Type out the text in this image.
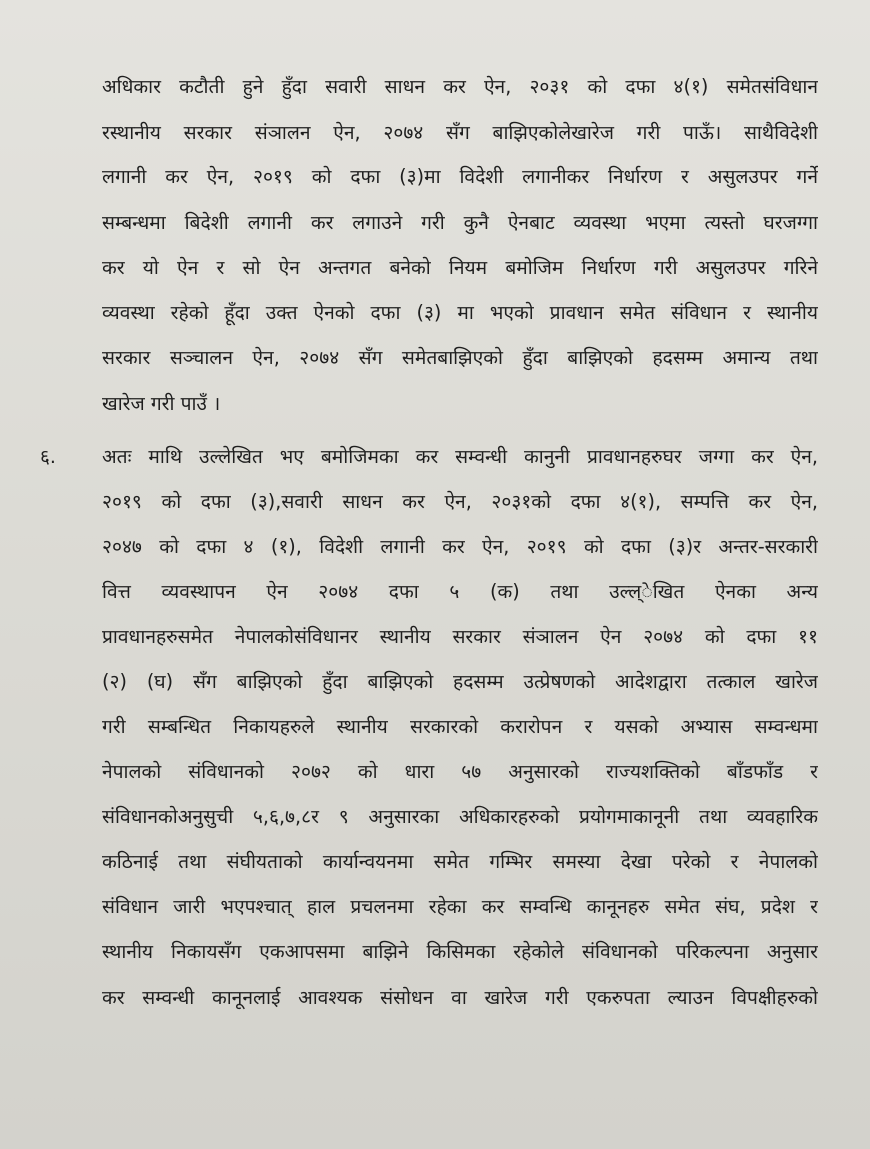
अधिकार कटौती हुने हुँदा सवारी साधन कर ऐन, २०३१ को दफा ४(१) समेतसंविधान
रस्थानीय सरकार संञालन ऐन, २०७४ सँग बाझिएकोलेखारेज गरी पाऊँ। साथैविदेशी
लगानी कर ऐन, २०१९ को दफा (३)मा विदेशी लगानीकर निर्धारण र असुलउपर गर्ने
सम्बन्धमा बिदेशी लगानी कर लगाउने गरी कुनै ऐनबाट व्यवस्था भएमा त्यस्तो घरजग्गा
कर यो ऐन र सो ऐन अन्तगत बनेको नियम बमोजिम निर्धारण गरी असुलउपर गरिने
व्यवस्था रहेको हूँदा उक्त ऐनको दफा (३) मा भएको प्रावधान समेत संविधान र स्थानीय
सरकार सञ्चालन ऐन, २०७४ सँग समेतबाझिएको हुँदा बाझिएको हदसम्म अमान्य तथा
खारेज गरी पाउँ ।
६. अतः माथि उल्लेखित भए बमोजिमका कर सम्वन्धी कानुनी प्रावधानहरुघर जग्गा कर ऐन,
२०१९ को दफा (३),सवारी साधन कर ऐन, २०३१को दफा ४(१), सम्पत्ति कर ऐन,
२०४७ को दफा ४ (१), विदेशी लगानी कर ऐन, २०१९ को दफा (३)र अन्तर-सरकारी
वित्त व्यवस्थापन ऐन २०७४ दफा ५ (क) तथा उल्ल्ेखित ऐनका अन्य
प्रावधानहरुसमेत नेपालकोसंविधानर स्थानीय सरकार संञालन ऐन २०७४ को दफा ११
(२) (घ) सँग बाझिएको हुँदा बाझिएको हदसम्म उत्प्रेषणको आदेशद्वारा तत्काल खारेज
गरी सम्बन्धित निकायहरुले स्थानीय सरकारको करारोपन र यसको अभ्यास सम्वन्धमा
नेपालको संविधानको २०७२ को धारा ५७ अनुसारको राज्यशक्तिको बाँडफाँड र
संविधानकोअनुसुची ५,६,७,८र ९ अनुसारका अधिकारहरुको प्रयोगमाकानूनी तथा व्यवहारिक
कठिनाई तथा संघीयताको कार्यान्वयनमा समेत गम्भिर समस्या देखा परेको र नेपालको
संविधान जारी भएपश्चात् हाल प्रचलनमा रहेका कर सम्वन्धि कानूनहरु समेत संघ, प्रदेश र
स्थानीय निकायसँग एकआपसमा बाझिने किसिमका रहेकोले संविधानको परिकल्पना अनुसार
कर सम्वन्धी कानूनलाई आवश्यक संसोधन वा खारेज गरी एकरुपता ल्याउन विपक्षीहरुको
